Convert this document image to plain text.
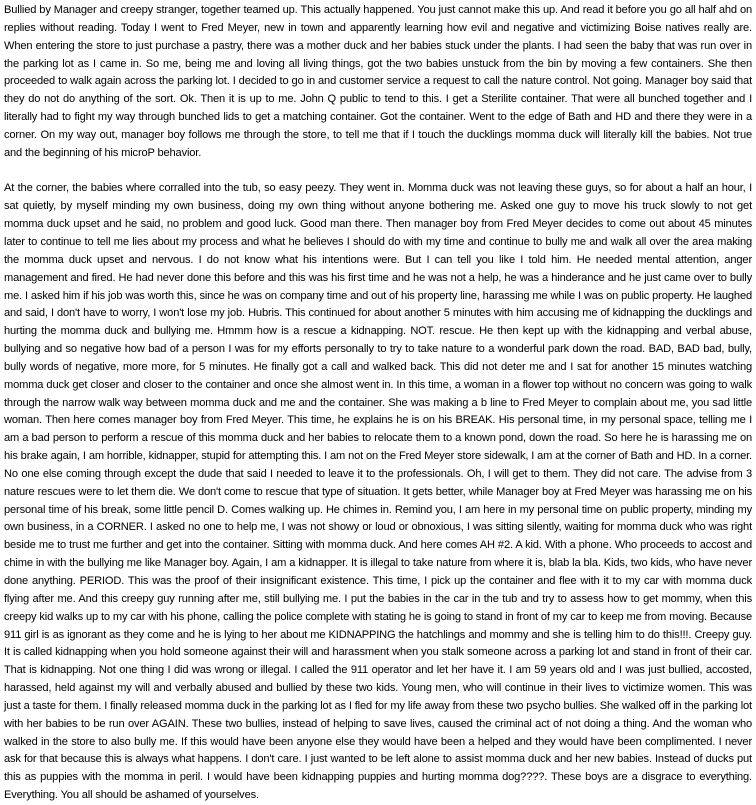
Bullied by Manager and creepy stranger, together teamed up. This actually happened. You just cannot make this up. And read it before you go all half ahd on replies without reading. Today I went to Fred Meyer, new in town and apparently learning how evil and negative and victimizing Boise natives really are. When entering the store to just purchase a pastry, there was a mother duck and her babies stuck under the plants. I had seen the baby that was run over in the parking lot as I came in. So me, being me and loving all living things, got the two babies unstuck from the bin by moving a few containers. She then proceeded to walk again across the parking lot. I decided to go in and customer service a request to call the nature control. Not going. Manager boy said that they do not do anything of the sort. Ok. Then it is up to me. John Q public to tend to this. I get a Sterilite container. That were all bunched together and I literally had to fight my way through bunched lids to get a matching container. Got the container. Went to the edge of Bath and HD and there they were in a corner. On my way out, manager boy follows me through the store, to tell me that if I touch the ducklings momma duck will literally kill the babies. Not true and the beginning of his microP behavior.

At the corner, the babies where corralled into the tub, so easy peezy. They went in. Momma duck was not leaving these guys, so for about a half an hour, I sat quietly, by myself minding my own business, doing my own thing without anyone bothering me. Asked one guy to move his truck slowly to not get momma duck upset and he said, no problem and good luck. Good man there. Then manager boy from Fred Meyer decides to come out about 45 minutes later to continue to tell me lies about my process and what he believes I should do with my time and continue to bully me and walk all over the area making the momma duck upset and nervous. I do not know what his intentions were. But I can tell you like I told him. He needed mental attention, anger management and fired. He had never done this before and this was his first time and he was not a help, he was a hinderance and he just came over to bully me. I asked him if his job was worth this, since he was on company time and out of his property line, harassing me while I was on public property. He laughed and said, I don't have to worry, I won't lose my job. Hubris. This continued for about another 5 minutes with him accusing me of kidnapping the ducklings and hurting the momma duck and bullying me. Hmmm how is a rescue a kidnapping. NOT. rescue. He then kept up with the kidnapping and verbal abuse, bullying and so negative how bad of a person I was for my efforts personally to try to take nature to a wonderful park down the road. BAD, BAD bad, bully, bully words of negative, more more, for 5 minutes. He finally got a call and walked back. This did not deter me and I sat for another 15 minutes watching momma duck get closer and closer to the container and once she almost went in. In this time, a woman in a flower top without no concern was going to walk through the narrow walk way between momma duck and me and the container. She was making a b line to Fred Meyer to complain about me, you sad little woman. Then here comes manager boy from Fred Meyer. This time, he explains he is on his BREAK. His personal time, in my personal space, telling me I am a bad person to perform a rescue of this momma duck and her babies to relocate them to a known pond, down the road. So here he is harassing me on his brake again, I am horrible, kidnapper, stupid for attempting this. I am not on the Fred Meyer store sidewalk, I am at the corner of Bath and HD. In a corner. No one else coming through except the dude that said I needed to leave it to the professionals. Oh, I will get to them. They did not care. The advise from 3 nature rescues were to let them die. We don't come to rescue that type of situation. It gets better, while Manager boy at Fred Meyer was harassing me on his personal time of his break, some little pencil D. Comes walking up. He chimes in. Remind you, I am here in my personal time on public property, minding my own business, in a CORNER. I asked no one to help me, I was not showy or loud or obnoxious, I was sitting silently, waiting for momma duck who was right beside me to trust me further and get into the container. Sitting with momma duck. And here comes AH #2. A kid. With a phone. Who proceeds to accost and chime in with the bullying me like Manager boy. Again, I am a kidnapper. It is illegal to take nature from where it is, blab la bla. Kids, two kids, who have never done anything. PERIOD. This was the proof of their insignificant existence. This time, I pick up the container and flee with it to my car with momma duck flying after me. And this creepy guy running after me, still bullying me. I put the babies in the car in the tub and try to assess how to get mommy, when this creepy kid walks up to my car with his phone, calling the police complete with stating he is going to stand in front of my car to keep me from moving. Because 911 girl is as ignorant as they come and he is lying to her about me KIDNAPPING the hatchlings and mommy and she is telling him to do this!!!. Creepy guy. It is called kidnapping when you hold someone against their will and harassment when you stalk someone across a parking lot and stand in front of their car. That is kidnapping. Not one thing I did was wrong or illegal. I called the 911 operator and let her have it. I am 59 years old and I was just bullied, accosted, harassed, held against my will and verbally abused and bullied by these two kids. Young men, who will continue in their lives to victimize women. This was just a taste for them. I finally released momma duck in the parking lot as I fled for my life away from these two psycho bullies. She walked off in the parking lot with her babies to be run over AGAIN. These two bullies, instead of helping to save lives, caused the criminal act of not doing a thing. And the woman who walked in the store to also bully me. If this would have been anyone else they would have been a helped and they would have been complimented. I never ask for that because this is always what happens. I don't care. I just wanted to be left alone to assist momma duck and her new babies. Instead of ducks put this as puppies with the momma in peril. I would have been kidnapping puppies and hurting momma dog????. These boys are a disgrace to everything. Everything. You all should be ashamed of yourselves.
